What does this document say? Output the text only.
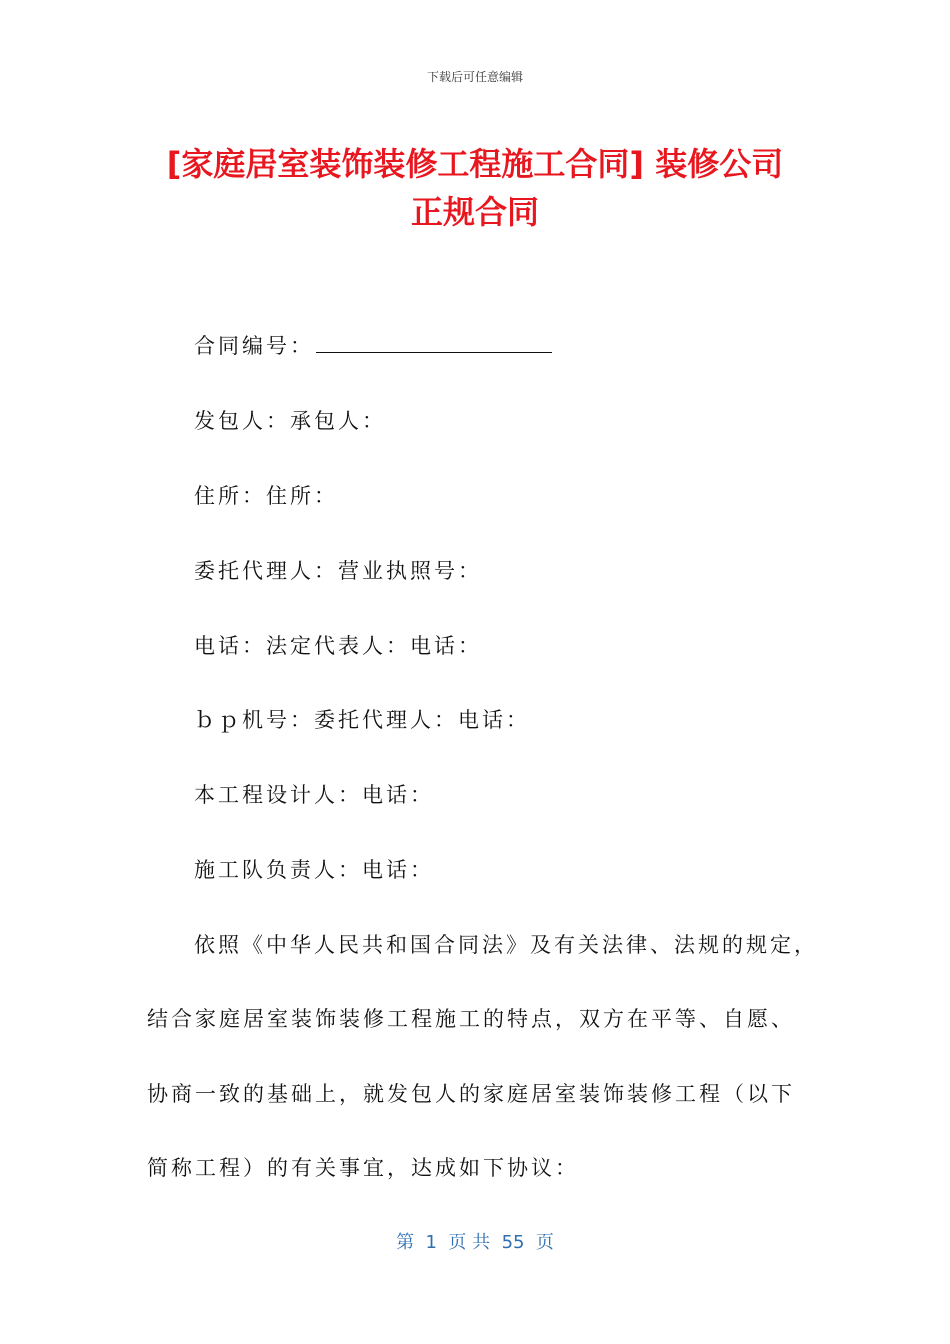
下载后可任意编辑
[家庭居室装饰装修工程施工合同] 装修公司
正规合同
合同编号：
发包人：承包人：
住所：住所：
委托代理人：营业执照号：
电话：法定代表人：电话：
ｂｐ机号：委托代理人：电话：
本工程设计人：电话：
施工队负责人：电话：
依照《中华人民共和国合同法》及有关法律、法规的规定，
结合家庭居室装饰装修工程施工的特点，双方在平等、自愿、
协商一致的基础上，就发包人的家庭居室装饰装修工程（以下
简称工程）的有关事宜，达成如下协议：
第  1  页 共  55  页
